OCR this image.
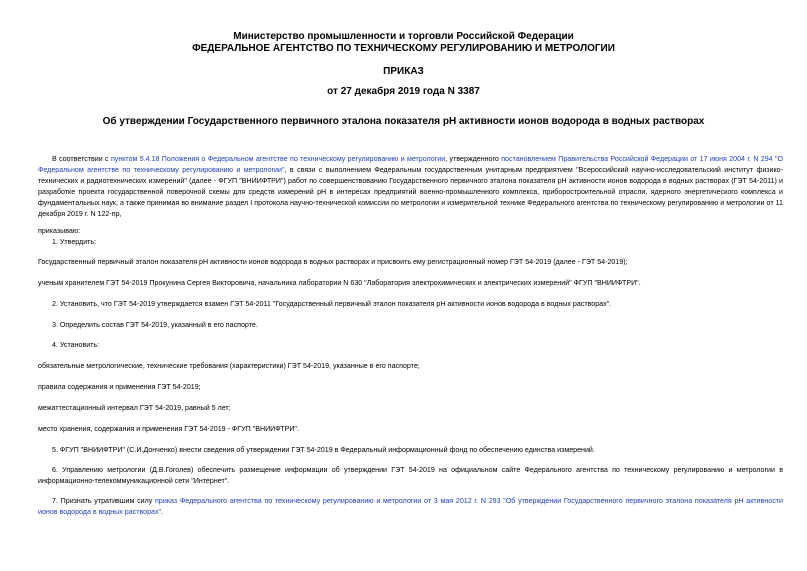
Министерство промышленности и торговли Российской Федерации
ФЕДЕРАЛЬНОЕ АГЕНТСТВО ПО ТЕХНИЧЕСКОМУ РЕГУЛИРОВАНИЮ И МЕТРОЛОГИИ
ПРИКАЗ
от 27 декабря 2019 года N 3387
Об утверждении Государственного первичного эталона показателя pH активности ионов водорода в водных растворах
В соответствии с пунктом 5.4.18 Положения о Федеральном агентстве по техническому регулированию и метрологии, утвержденного постановлением Правительства Российской Федерации от 17 июня 2004 г. N 294 "О Федеральном агентстве по техническому регулированию и метрологии", в связи с выполнением Федеральным государственным унитарным предприятием "Всероссийский научно-исследовательский институт физико-технических и радиотехнических измерений" (далее - ФГУП "ВНИИФТРИ") работ по совершенствованию Государственного первичного эталона показателя pH активности ионов водорода в водных растворах (ГЭТ 54-2011) и разработке проекта государственной поверочной схемы для средств измерений pH в интересах предприятий военно-промышленного комплекса, приборостроительной отрасли, ядерного энергетического комплекса и фундаментальных наук, а также принимая во внимание раздел I протокола научно-технической комиссии по метрологии и измерительной технике Федерального агентства по техническому регулированию и метрологии от 11 декабря 2019 г. N 122-пр,
приказываю:
1. Утвердить:
Государственный первичный эталон показателя pH активности ионов водорода в водных растворах и присвоить ему регистрационный номер ГЭТ 54-2019 (далее - ГЭТ 54-2019);
ученым хранителем ГЭТ 54-2019 Прокунина Сергея Викторовича, начальника лаборатории N 630 "Лаборатория электрохимических и электрических измерений" ФГУП "ВНИИФТРИ".
2. Установить, что ГЭТ 54-2019 утверждается взамен ГЭТ 54-2011 "Государственный первичный эталон показателя pH активности ионов водорода в водных растворах".
3. Определить состав ГЭТ 54-2019, указанный в его паспорте.
4. Установить:
обязательные метрологические, технические требования (характеристики) ГЭТ 54-2019, указанные в его паспорте;
правила содержания и применения ГЭТ 54-2019;
межаттестационный интервал ГЭТ 54-2019, равный 5 лет;
место хранения, содержания и применения ГЭТ 54-2019 - ФГУП "ВНИИФТРИ".
5. ФГУП "ВНИИФТРИ" (С.И.Донченко) внести сведения об утверждении ГЭТ 54-2019 в Федеральный информационный фонд по обеспечению единства измерений.
6. Управлению метрологии (Д.В.Гоголев) обеспечить размещение информации об утверждении ГЭТ 54-2019 на официальном сайте Федерального агентства по техническому регулированию и метрологии в информационно-телекоммуникационной сети "Интернет".
7. Признать утратившим силу приказ Федерального агентства по техническому регулированию и метрологии от 3 мая 2012 г. N 293 "Об утверждении Государственного первичного эталона показателя pH активности ионов водорода в водных растворах".
